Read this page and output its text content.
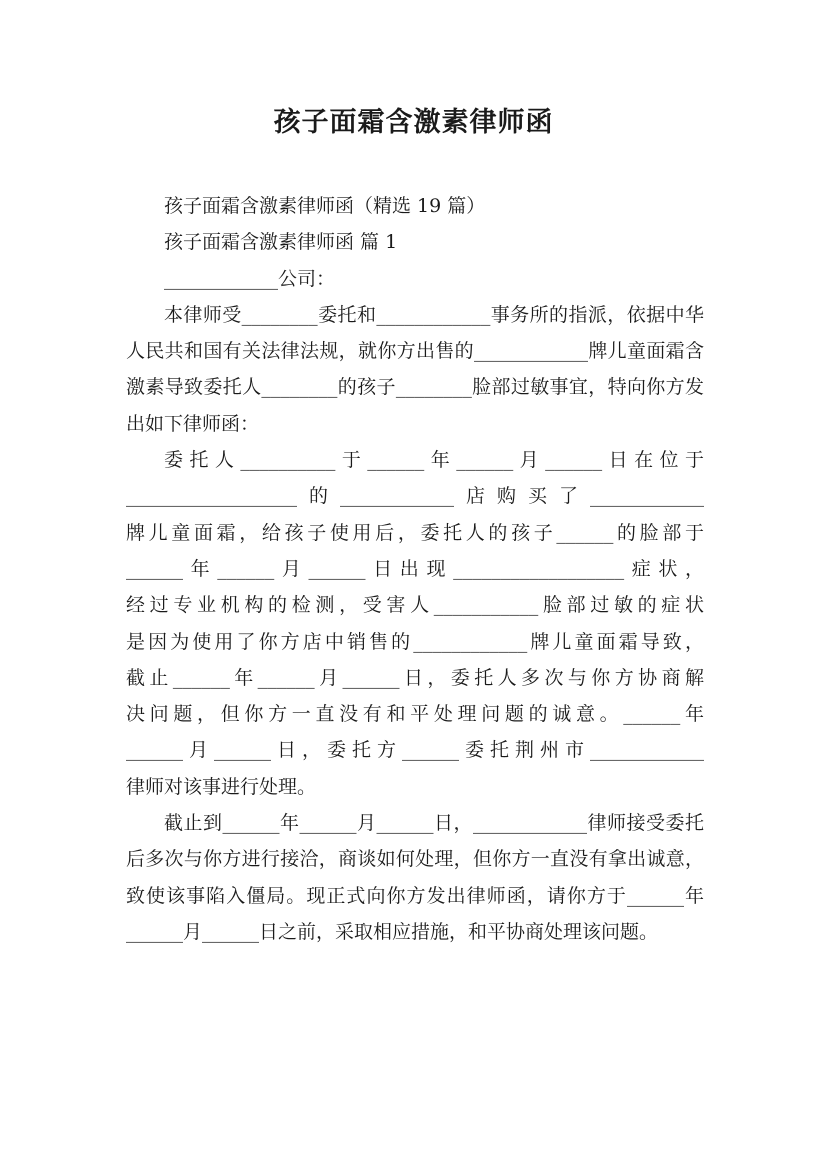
孩子面霜含激素律师函

孩子面霜含激素律师函（精选 19 篇）

孩子面霜含激素律师函 篇 1

____________公司：

本律师受________委托和____________事务所的指派，依据中华人民共和国有关法律法规，就你方出售的____________牌儿童面霜含激素导致委托人________的孩子________脸部过敏事宜，特向你方发出如下律师函：

委托人__________于______年______月______日在位于
__________________的____________店购买了____________
牌儿童面霜，给孩子使用后，委托人的孩子______的脸部于
______年______月______日出现__________________症状，
经过专业机构的检测，受害人___________脸部过敏的症状
是因为使用了你方店中销售的____________牌儿童面霜导致，
截止______年______月______日，委托人多次与你方协商解
决问题，但你方一直没有和平处理问题的诚意。______年
______月______日，委托方______委托荆州市____________
律师对该事进行处理。

截止到______年______月______日，____________律师接受委托后多次与你方进行接洽，商谈如何处理，但你方一直没有拿出诚意，致使该事陷入僵局。现正式向你方发出律师函，请你方于______年______月______日之前，采取相应措施，和平协商处理该问题。
